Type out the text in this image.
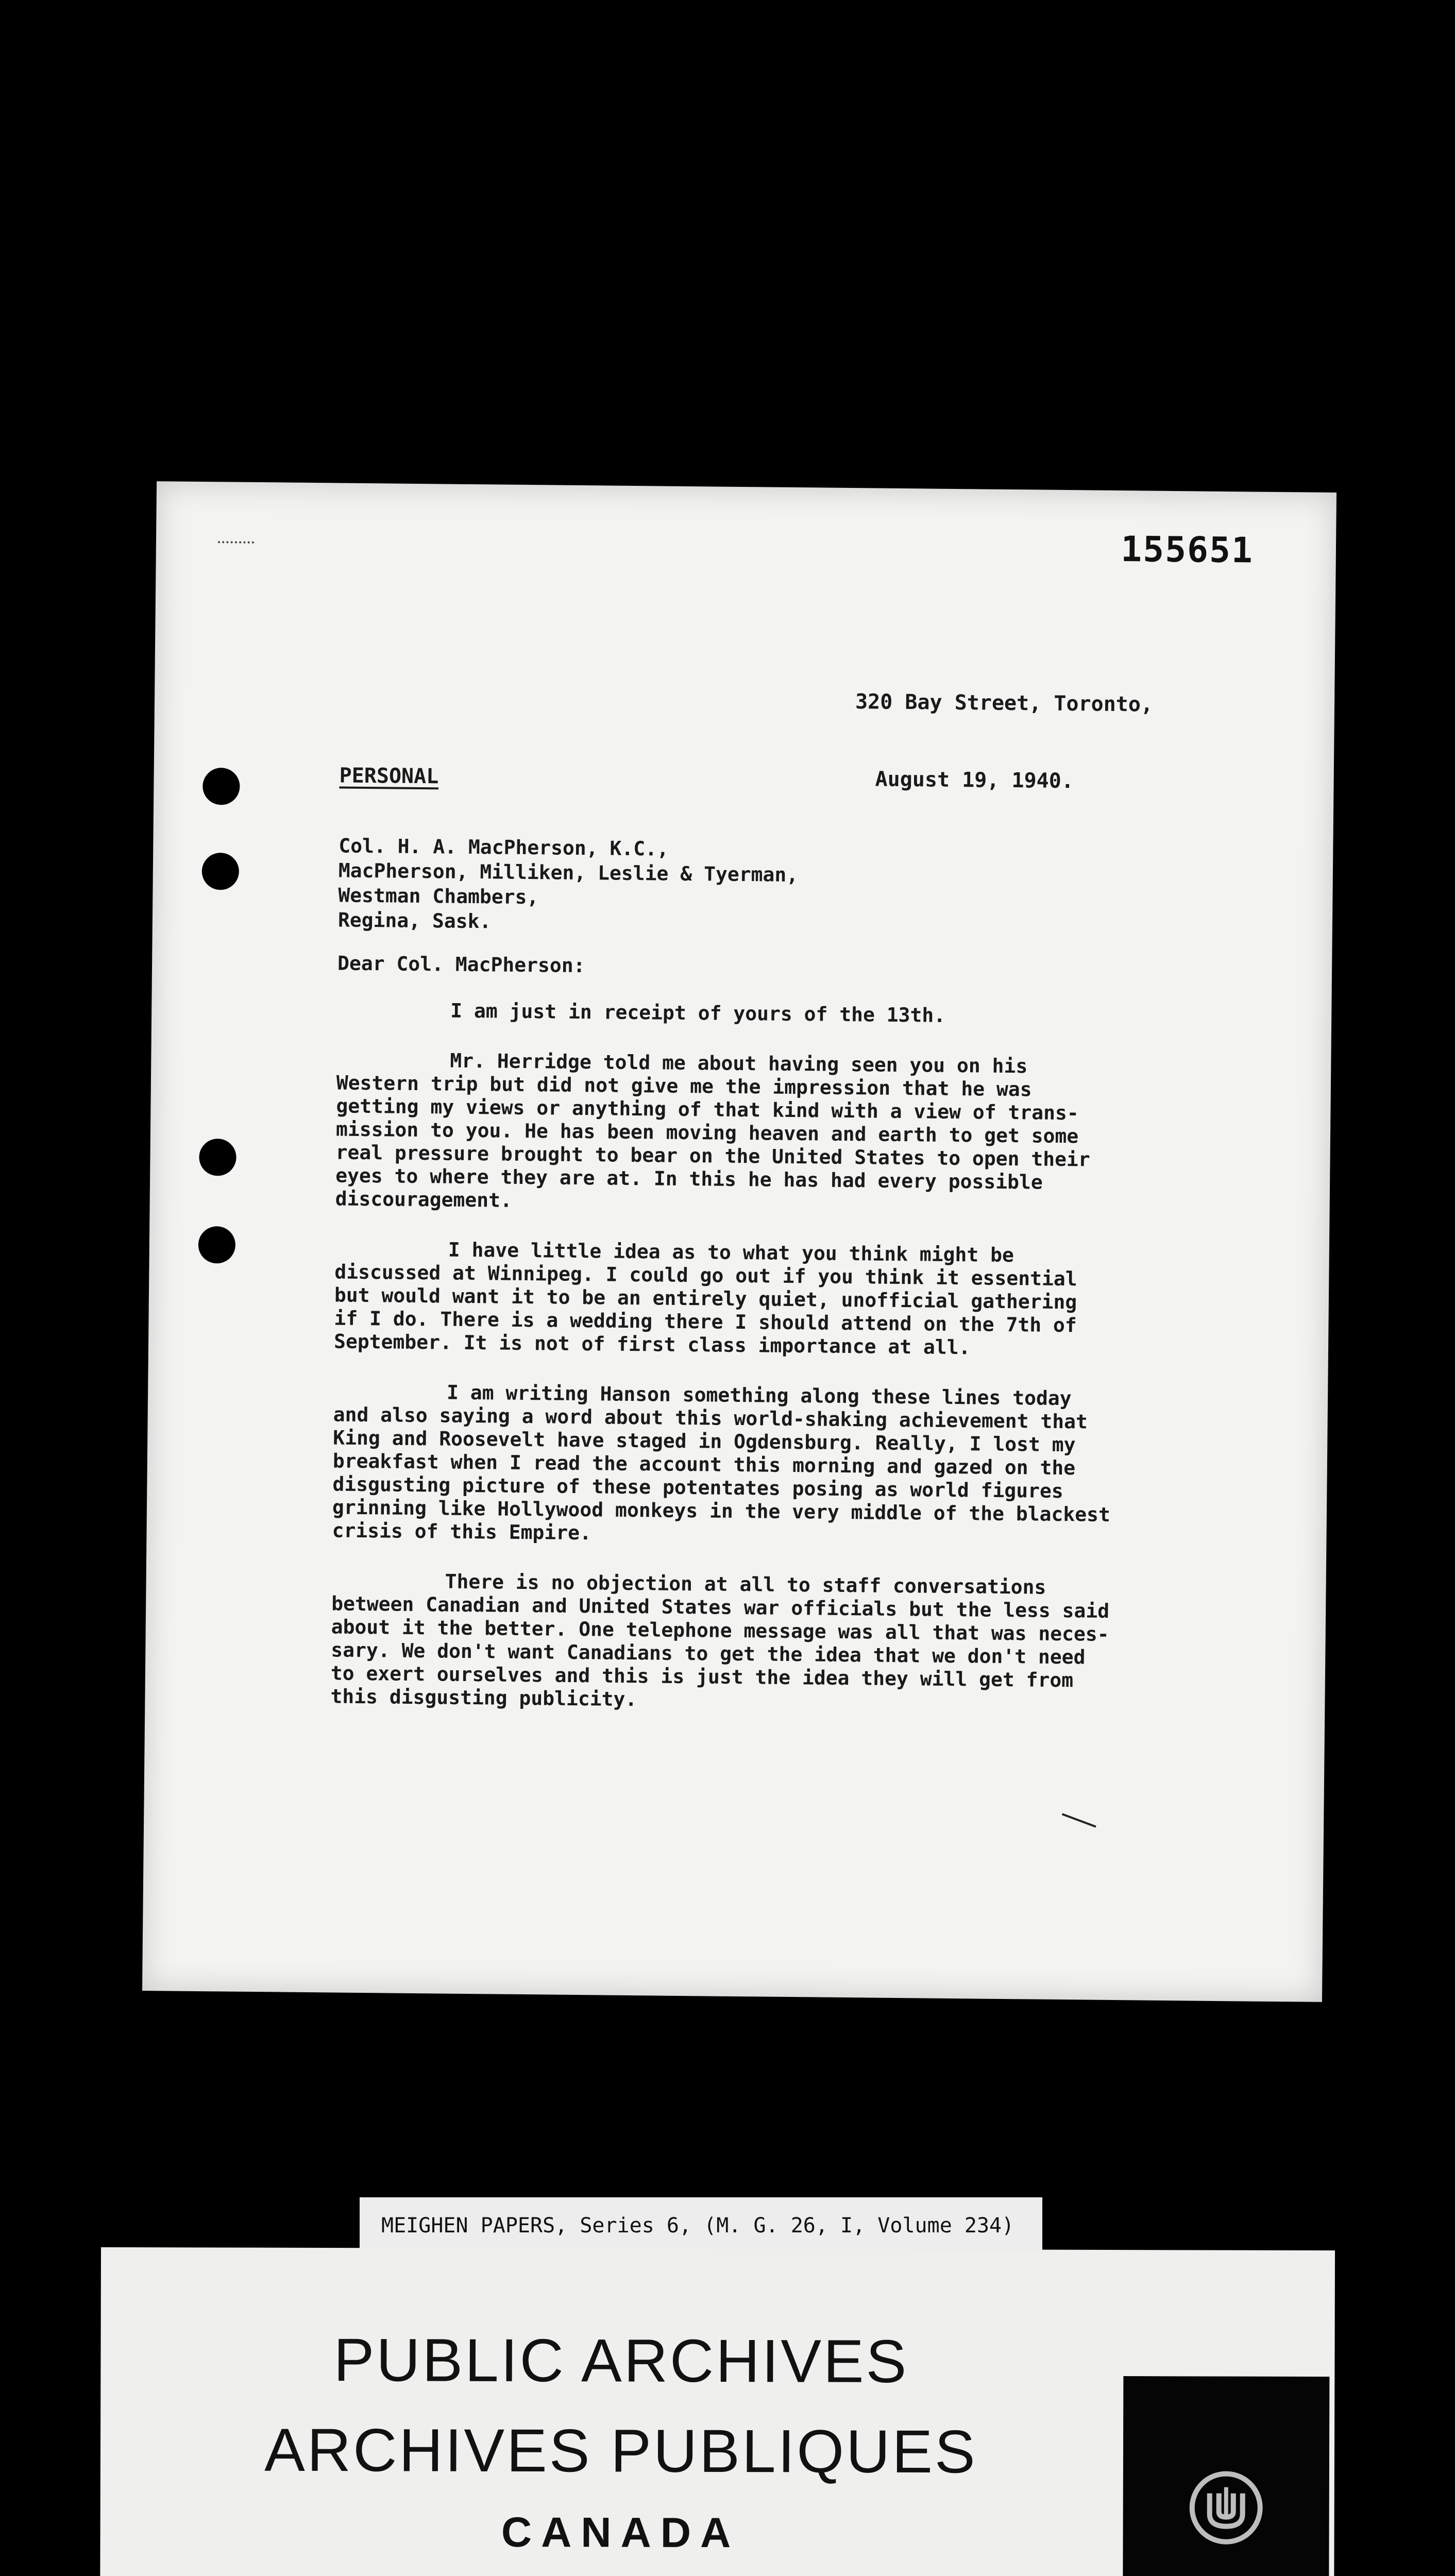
155651

320 Bay Street, Toronto,

August 19, 1940.

PERSONAL
Col. H. A. MacPherson, K.C.,
MacPherson, Milliken, Leslie & Tyerman,
Westman Chambers,
Regina, Sask.
Dear Col. MacPherson:

I am just in receipt of yours of the 13th.

Mr. Herridge told me about having seen you on his
Western trip but did not give me the impression that he was
getting my views or anything of that kind with a view of trans-
mission to you. He has been moving heaven and earth to get some
real pressure brought to bear on the United States to open their
eyes to where they are at. In this he has had every possible
discouragement.

I have little idea as to what you think might be
discussed at Winnipeg. I could go out if you think it essential
but would want it to be an entirely quiet, unofficial gathering
if I do. There is a wedding there I should attend on the 7th of
September. It is not of first class importance at all.

I am writing Hanson something along these lines today
and also saying a word about this world-shaking achievement that
King and Roosevelt have staged in Ogdensburg. Really, I lost my
breakfast when I read the account this morning and gazed on the
disgusting picture of these potentates posing as world figures
grinning like Hollywood monkeys in the very middle of the blackest
crisis of this Empire.

There is no objection at all to staff conversations
between Canadian and United States war officials but the less said
about it the better. One telephone message was all that was neces-
sary. We don't want Canadians to get the idea that we don't need
to exert ourselves and this is just the idea they will get from
this disgusting publicity.

MEIGHEN PAPERS, Series 6, (M. G. 26, I, Volume 234)
PUBLIC ARCHIVES
ARCHIVES PUBLIQUES
CANADA
